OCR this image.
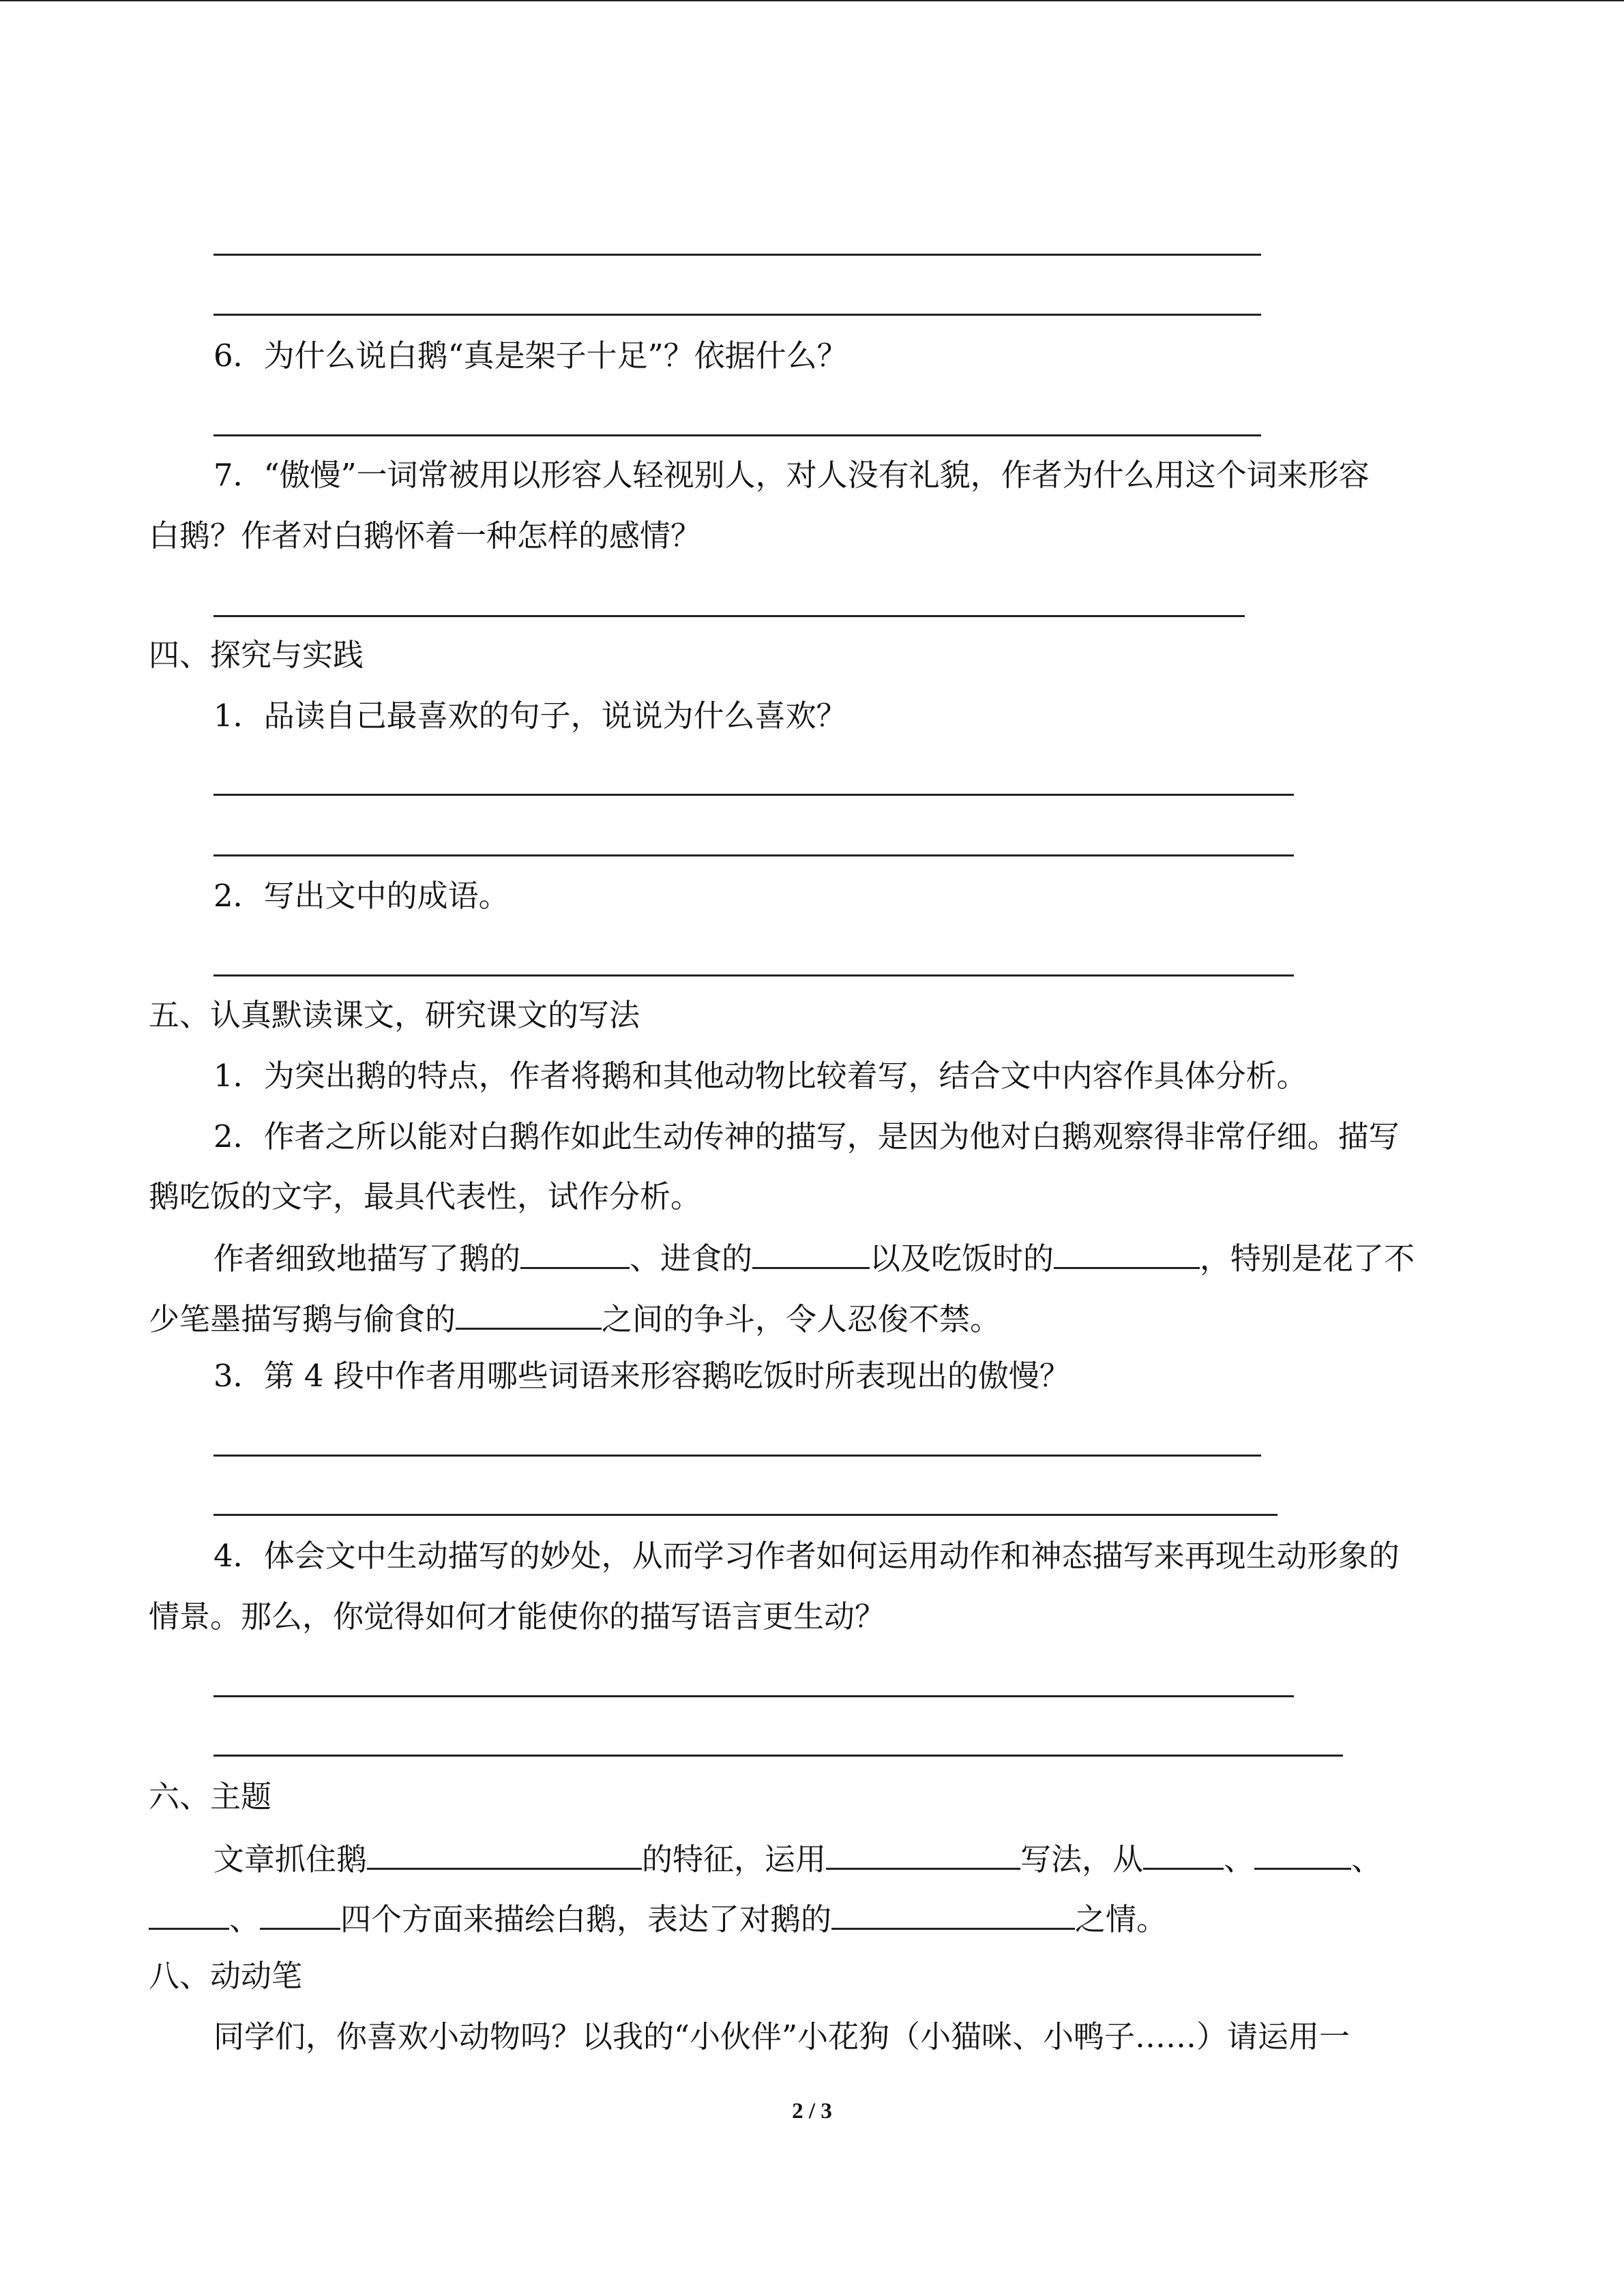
6．为什么说白鹅“真是架子十足”？依据什么？

7．“傲慢”一词常被用以形容人轻视别人，对人没有礼貌，作者为什么用这个词来形容

白鹅？作者对白鹅怀着一种怎样的感情？

四、探究与实践

1．品读自己最喜欢的句子，说说为什么喜欢？

2．写出文中的成语。

五、认真默读课文，研究课文的写法

1．为突出鹅的特点，作者将鹅和其他动物比较着写，结合文中内容作具体分析。

2．作者之所以能对白鹅作如此生动传神的描写，是因为他对白鹅观察得非常仔细。描写

鹅吃饭的文字，最具代表性，试作分析。

作者细致地描写了鹅的	、进食的	以及吃饭时的	，特别是花了不

少笔墨描写鹅与偷食的	之间的争斗，令人忍俊不禁。

3．第 4 段中作者用哪些词语来形容鹅吃饭时所表现出的傲慢？

4．体会文中生动描写的妙处，从而学习作者如何运用动作和神态描写来再现生动形象的

情景。那么，你觉得如何才能使你的描写语言更生动？

六、主题

文章抓住鹅	的特征，运用	写法，从	、	、

、	四个方面来描绘白鹅，表达了对鹅的	之情。

八、动动笔

同学们，你喜欢小动物吗？以我的“小伙伴”小花狗（小猫咪、小鸭子……）请运用一

2 / 3
